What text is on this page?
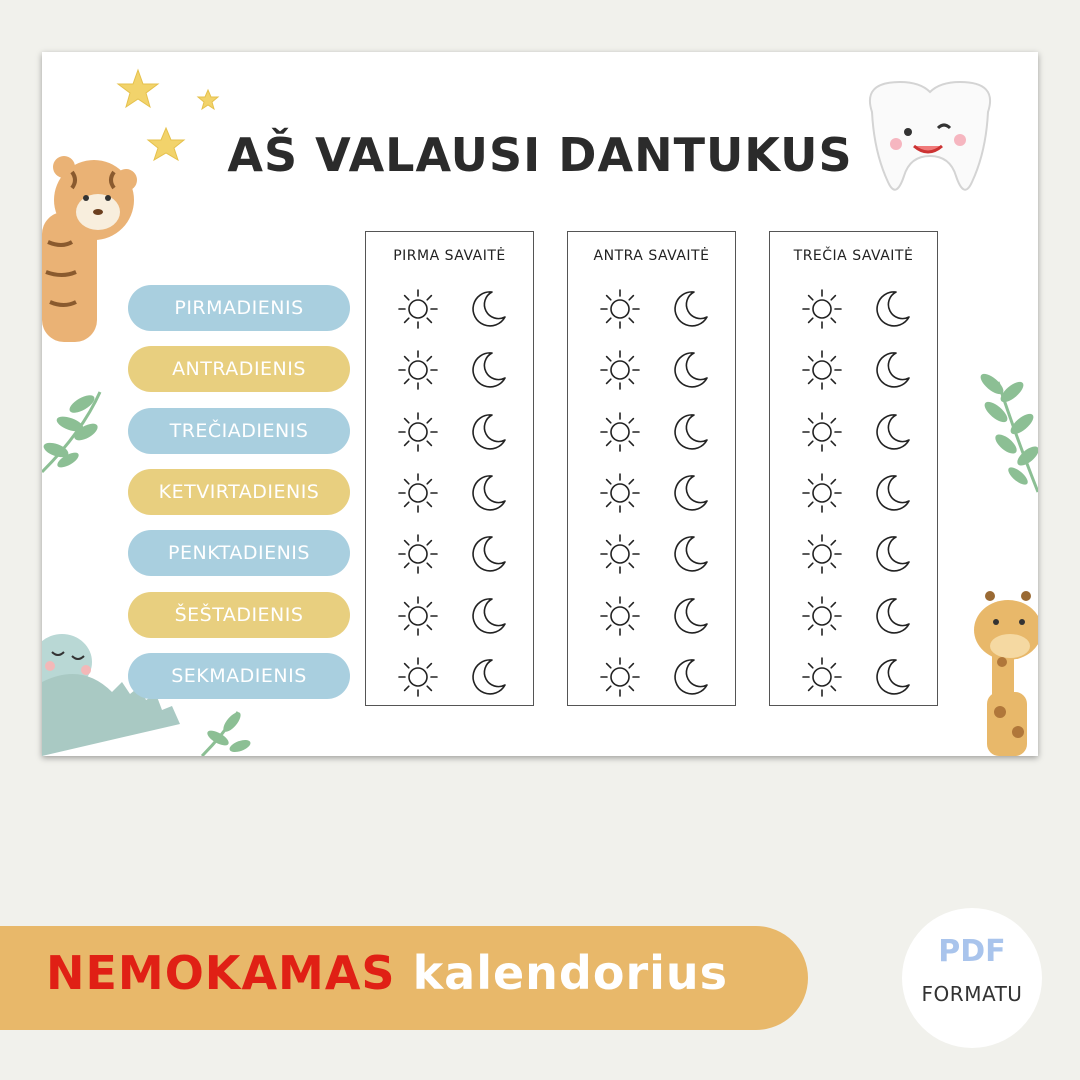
AŠ VALAUSI DANTUKUS
PIRMADIENIS
ANTRADIENIS
TREČIADIENIS
KETVIRTADIENIS
PENKTADIENIS
ŠEŠTADIENIS
SEKMADIENIS
PIRMA SAVAITĖ	ANTRA SAVAITĖ	TREČIA SAVAITĖ
NEMOKAMAS kalendorius	PDF
FORMATU
